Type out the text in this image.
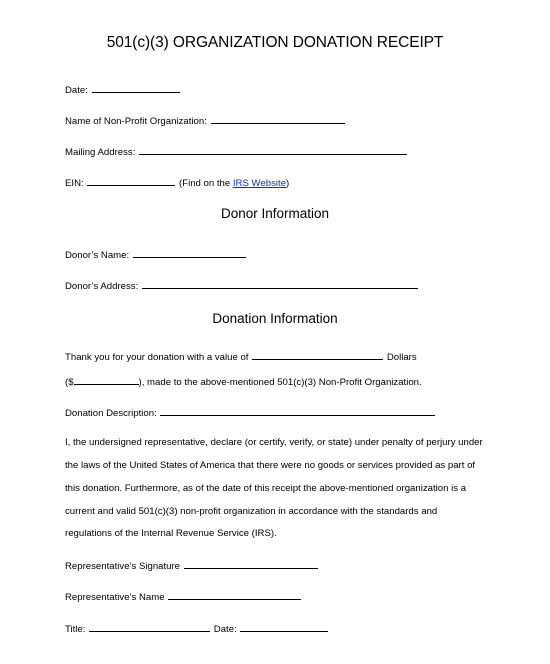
501(c)(3) ORGANIZATION DONATION RECEIPT
Date:
Name of Non-Profit Organization:
Mailing Address:
EIN:	(Find on the IRS Website)
Donor Information
Donor’s Name:
Donor’s Address:
Donation Information
Thank you for your donation with a value of	Dollars
($	), made to the above-mentioned 501(c)(3) Non-Profit Organization.
Donation Description:
I, the undersigned representative, declare (or certify, verify, or state) under penalty of perjury under
the laws of the United States of America that there were no goods or services provided as part of
this donation. Furthermore, as of the date of this receipt the above-mentioned organization is a
current and valid 501(c)(3) non-profit organization in accordance with the standards and
regulations of the Internal Revenue Service (IRS).
Representative’s Signature
Representative’s Name
Title:	Date:
